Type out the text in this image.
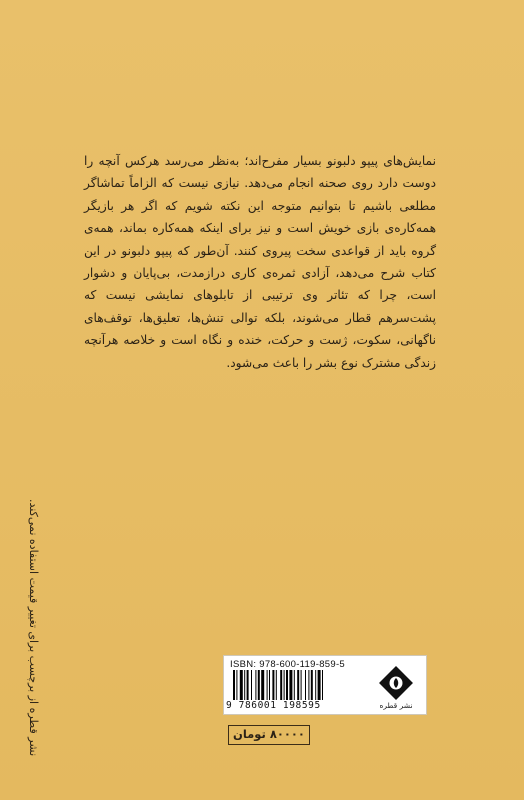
نمایش‌های پیپو دلبونو بسیار مفرح‌اند؛ به‌نظر می‌رسد هرکس آنچه را دوست دارد روی صحنه انجام می‌دهد. نیازی نیست که الزاماً تماشاگر مطلعی باشیم تا بتوانیم متوجه این نکته شویم که اگر هر بازیگر همه‌کاره‌ی بازی خویش است و نیز برای اینکه همه‌کاره بماند، همه‌ی گروه باید از قواعدی سخت پیروی کنند. آن‌طور که پیپو دلبونو در این کتاب شرح می‌دهد، آزادی ثمره‌ی کاری درازمدت، بی‌پایان و دشوار است، چرا که تئاتر وی ترتیبی از تابلوهای نمایشی نیست که پشت‌سرهم قطار می‌شوند، بلکه توالی تنش‌ها، تعلیق‌ها، توقف‌های ناگهانی، سکوت، ژست و حرکت، خنده و نگاه است و خلاصه هرآنچه زندگی مشترک نوع بشر را باعث می‌شود.

نشر قطره از برچسب برای تغییر قیمت استفاده نمی‌کند.	ISBN: 978-600-119-859-5
9 786001 198595	نشر قطره
۸۰۰۰۰ تومان
